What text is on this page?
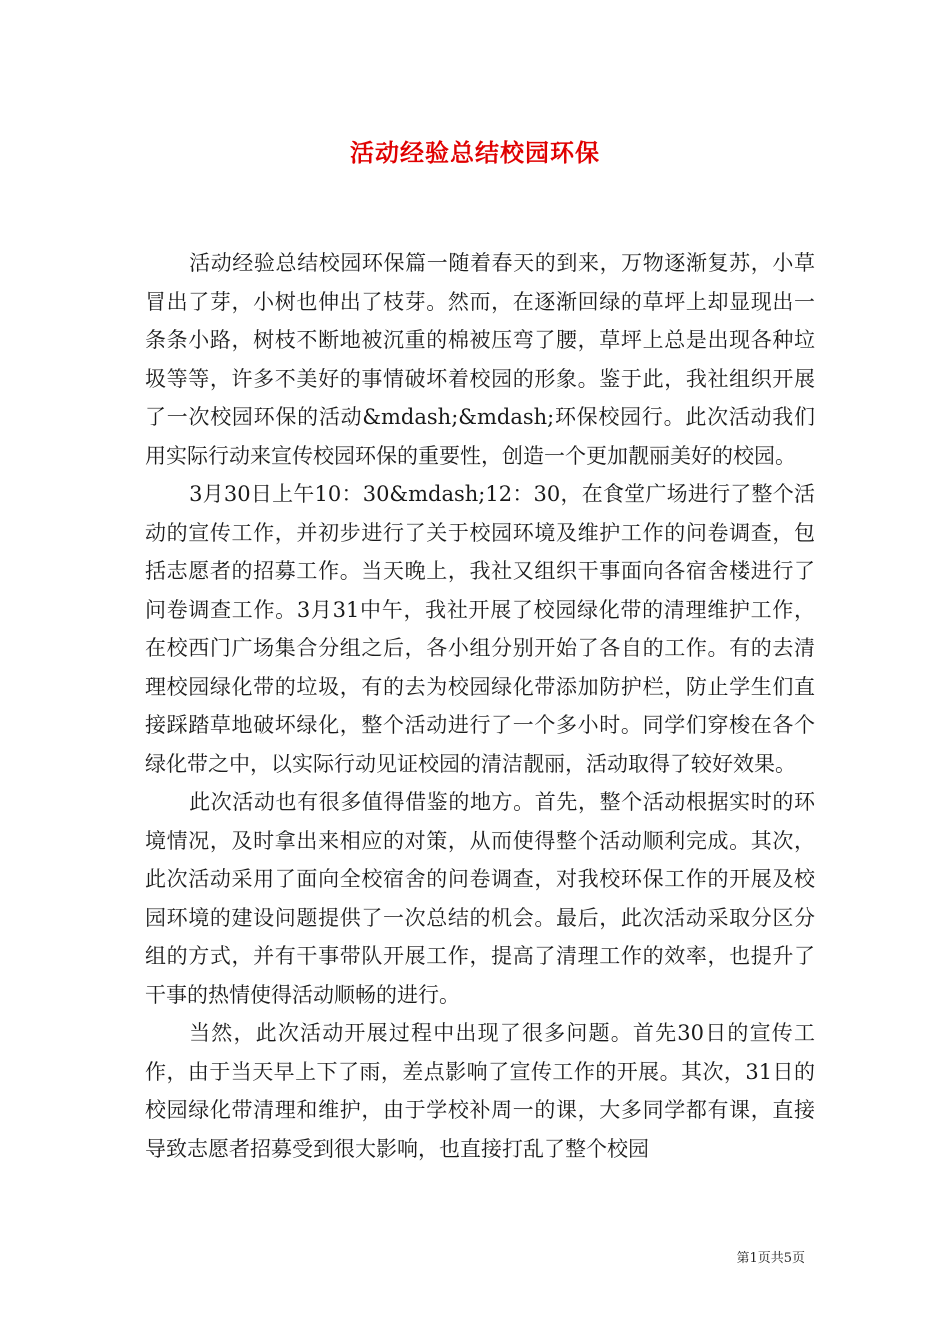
活动经验总结校园环保

活动经验总结校园环保篇一随着春天的到来，万物逐渐复苏，小草冒出了芽，小树也伸出了枝芽。然而，在逐渐回绿的草坪上却显现出一条条小路，树枝不断地被沉重的棉被压弯了腰，草坪上总是出现各种垃圾等等，许多不美好的事情破坏着校园的形象。鉴于此，我社组织开展了一次校园环保的活动&mdash;&mdash;环保校园行。此次活动我们用实际行动来宣传校园环保的重要性，创造一个更加靓丽美好的校园。

3月30日上午10：30&mdash;12：30，在食堂广场进行了整个活动的宣传工作，并初步进行了关于校园环境及维护工作的问卷调查，包括志愿者的招募工作。当天晚上，我社又组织干事面向各宿舍楼进行了问卷调查工作。3月31中午，我社开展了校园绿化带的清理维护工作，在校西门广场集合分组之后，各小组分别开始了各自的工作。有的去清理校园绿化带的垃圾，有的去为校园绿化带添加防护栏，防止学生们直接踩踏草地破坏绿化，整个活动进行了一个多小时。同学们穿梭在各个绿化带之中，以实际行动见证校园的清洁靓丽，活动取得了较好效果。

此次活动也有很多值得借鉴的地方。首先，整个活动根据实时的环境情况，及时拿出来相应的对策，从而使得整个活动顺利完成。其次，此次活动采用了面向全校宿舍的问卷调查，对我校环保工作的开展及校园环境的建设问题提供了一次总结的机会。最后，此次活动采取分区分组的方式，并有干事带队开展工作，提高了清理工作的效率，也提升了干事的热情使得活动顺畅的进行。

当然，此次活动开展过程中出现了很多问题。首先30日的宣传工作，由于当天早上下了雨，差点影响了宣传工作的开展。其次，31日的校园绿化带清理和维护，由于学校补周一的课，大多同学都有课，直接导致志愿者招募受到很大影响，也直接打乱了整个校园

第1页共5页
